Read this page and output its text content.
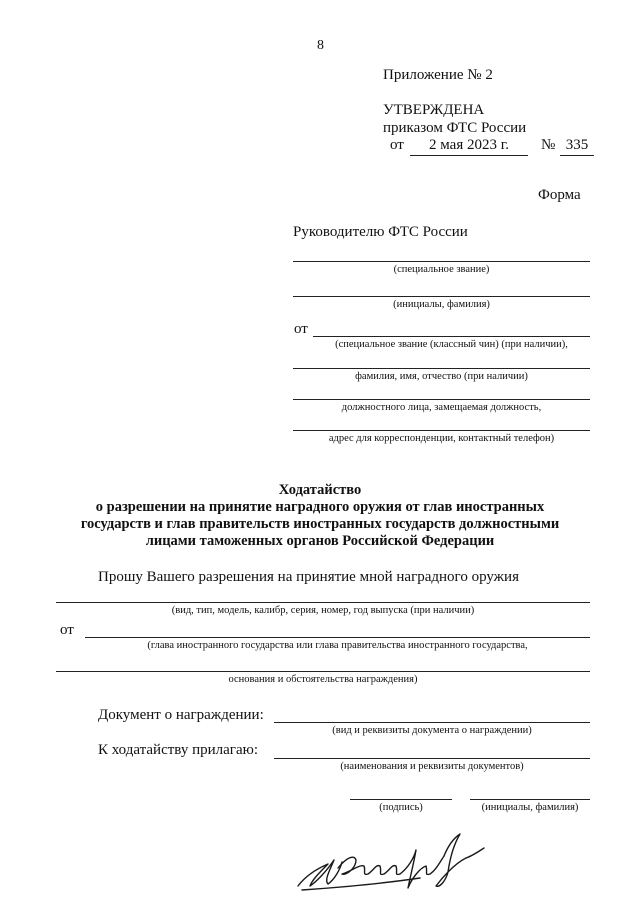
8
Приложение № 2
УТВЕРЖДЕНА
приказом ФТС России
от	2 мая 2023 г.	№ 335
Форма
Руководителю ФТС России
(специальное звание)
(инициалы, фамилия)
от
(специальное звание (классный чин) (при наличии),
фамилия, имя, отчество (при наличии)
должностного лица, замещаемая должность,
адрес для корреспонденции, контактный телефон)
Ходатайство
о разрешении на принятие наградного оружия от глав иностранных
государств и глав правительств иностранных государств должностными
лицами таможенных органов Российской Федерации
Прошу Вашего разрешения на принятие мной наградного оружия
(вид, тип, модель, калибр, серия, номер, год выпуска (при наличии)
от
(глава иностранного государства или глава правительства иностранного государства,
основания и обстоятельства награждения)
Документ о награждении:
(вид и реквизиты документа о награждении)
К ходатайству прилагаю:
(наименования и реквизиты документов)
(подпись)	(инициалы, фамилия)
